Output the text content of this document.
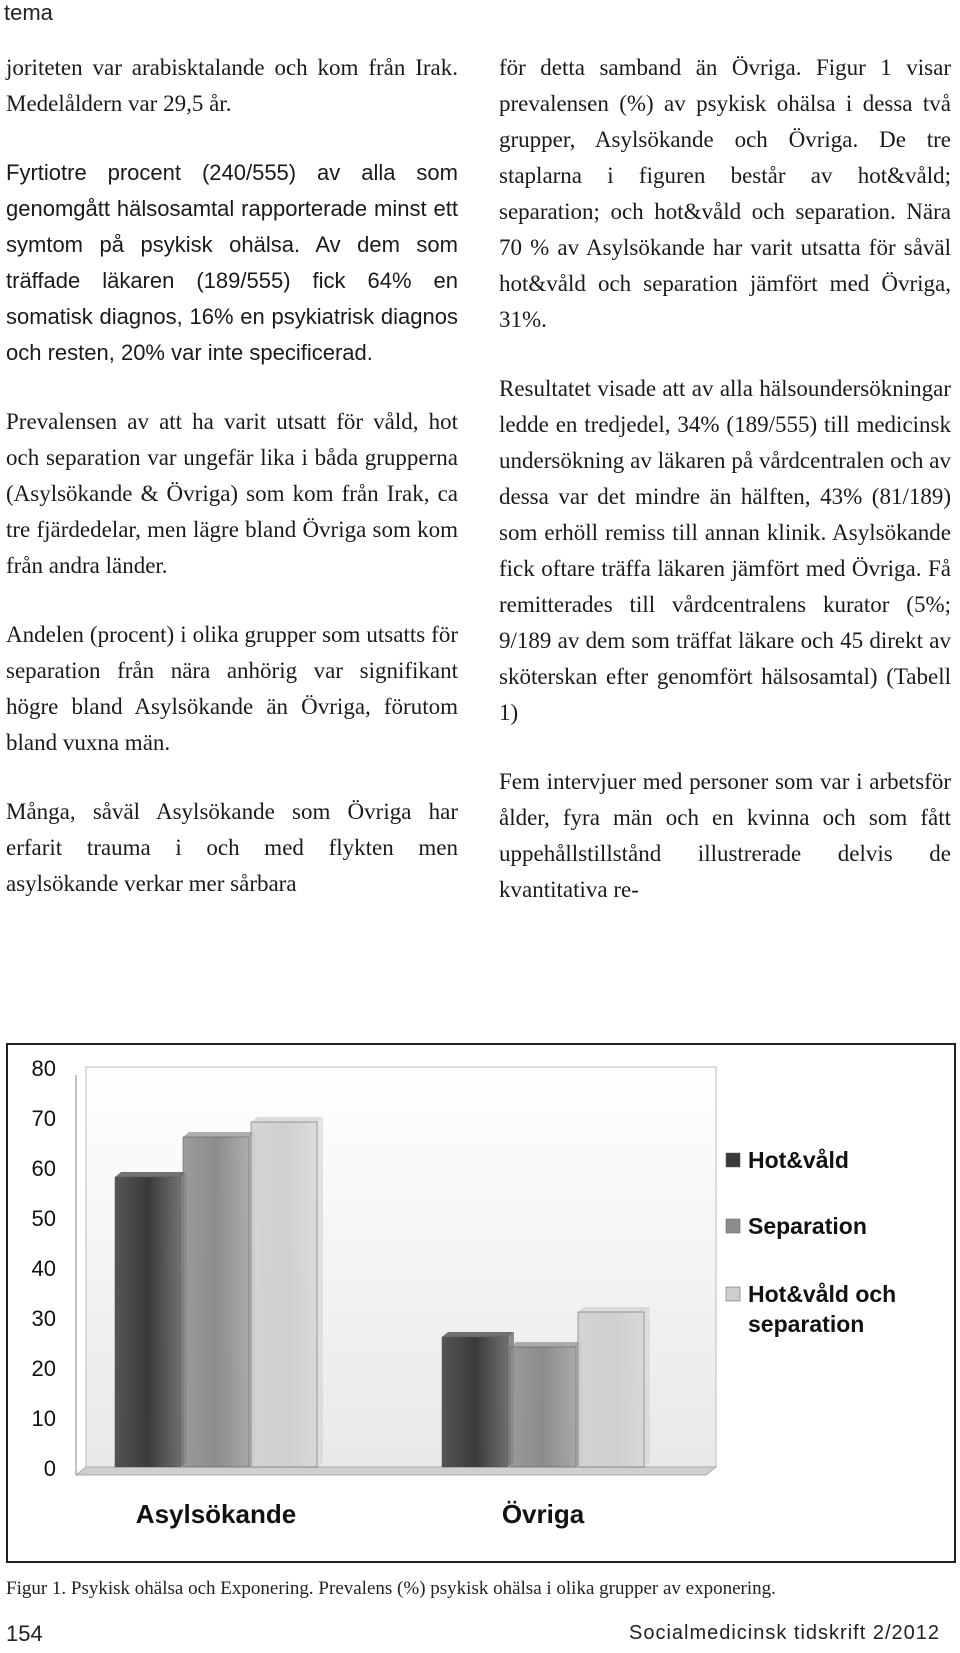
tema

joriteten var arabisktalande och kom från Irak. Medelåldern var 29,5 år.

Fyrtiotre procent (240/555) av alla som genomgått hälsosamtal rapporterade minst ett symtom på psykisk ohälsa. Av dem som träffade läkaren (189/555) fick 64% en somatisk diagnos, 16% en psykiatrisk diagnos och resten, 20% var inte specificerad.

Prevalensen av att ha varit utsatt för våld, hot och separation var ungefär lika i båda grupperna (Asylsökande & Övriga) som kom från Irak, ca tre fjärdedelar, men lägre bland Övriga som kom från andra länder.

Andelen (procent) i olika grupper som utsatts för separation från nära anhörig var signifikant högre bland Asylsökande än Övriga, förutom bland vuxna män.

Många, såväl Asylsökande som Övriga har erfarit trauma i och med flykten men asylsökande verkar mer sårbara

för detta samband än Övriga. Figur 1 visar prevalensen (%) av psykisk ohälsa i dessa två grupper, Asylsökande och Övriga. De tre staplarna i figuren består av hot&våld; separation; och hot&våld och separation. Nära 70 % av Asylsökande har varit utsatta för såväl hot&våld och separation jämfört med Övriga, 31%.

Resultatet visade att av alla hälsoundersökningar ledde en tredjedel, 34% (189/555) till medicinsk undersökning av läkaren på vårdcentralen och av dessa var det mindre än hälften, 43% (81/189) som erhöll remiss till annan klinik. Asylsökande fick oftare träffa läkaren jämfört med Övriga. Få remitterades till vårdcentralens kurator (5%; 9/189 av dem som träffat läkare och 45 direkt av sköterskan efter genomfört hälsosamtal) (Tabell 1)

Fem intervjuer med personer som var i arbetsför ålder, fyra män och en kvinna och som fått uppehållstillstånd illustrerade delvis de kvantitativa re-

0
10
20
30
40
50
60
70
80
Asylsökande	Övriga
Hot&våld
Separation
Hot&våld och
separation
Figur 1. Psykisk ohälsa och Exponering. Prevalens (%) psykisk ohälsa i olika grupper av exponering.
154	Socialmedicinsk tidskrift 2/2012
